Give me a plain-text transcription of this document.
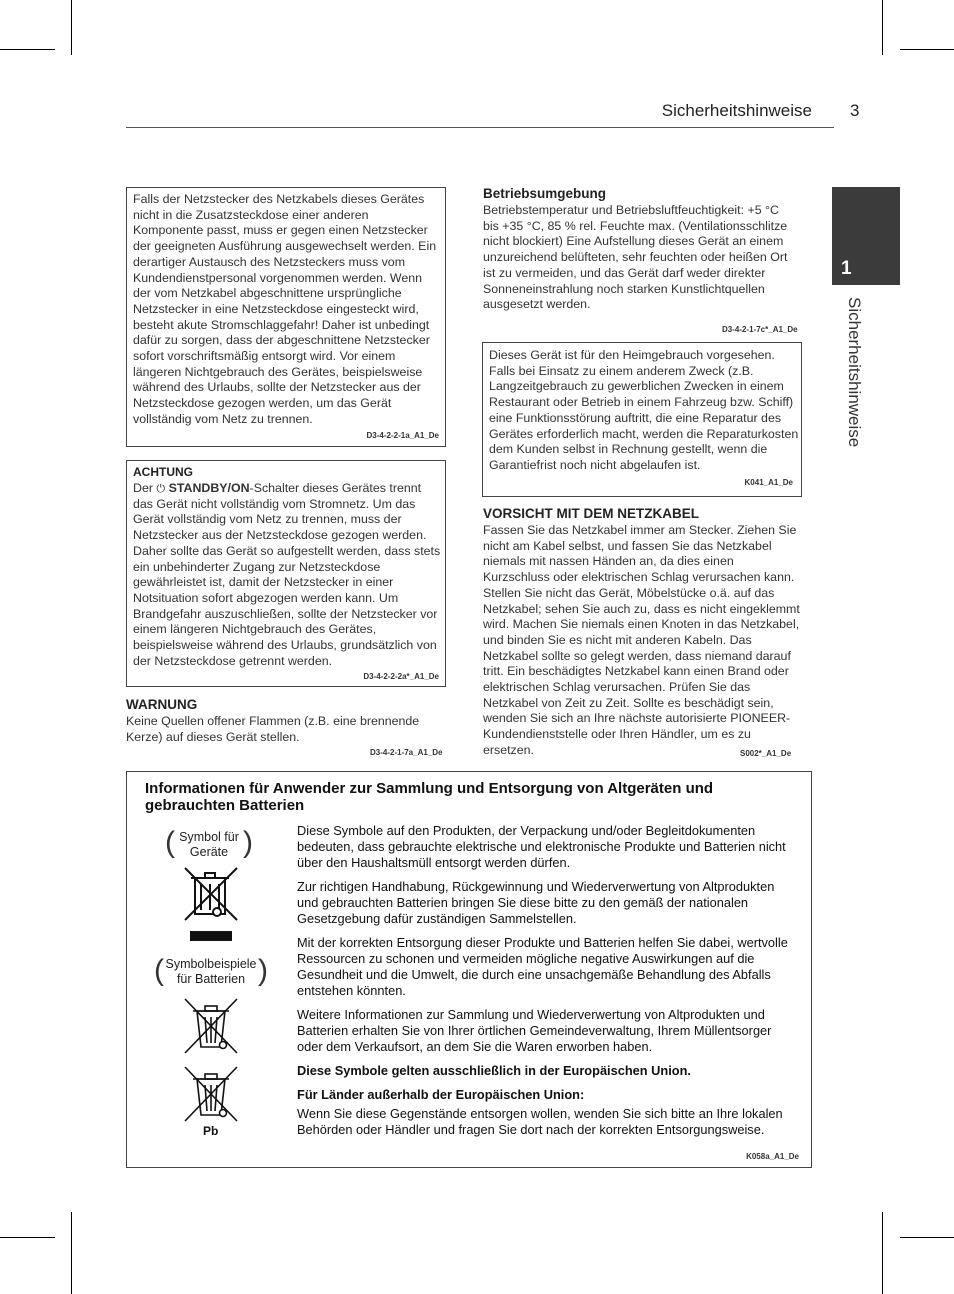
Sicherheitshinweise 3
1
Sicherheitshinweise
Falls der Netzstecker des Netzkabels dieses Gerätes nicht in die Zusatzsteckdose einer anderen Komponente passt, muss er gegen einen Netzstecker der geeigneten Ausführung ausgewechselt werden. Ein derartiger Austausch des Netzsteckers muss vom Kundendienstpersonal vorgenommen werden. Wenn der vom Netzkabel abgeschnittene ursprüngliche Netzstecker in eine Netzsteckdose eingesteckt wird, besteht akute Stromschlaggefahr! Daher ist unbedingt dafür zu sorgen, dass der abgeschnittene Netzstecker sofort vorschriftsmäßig entsorgt wird. Vor einem längeren Nichtgebrauch des Gerätes, beispielsweise während des Urlaubs, sollte der Netzstecker aus der Netzsteckdose gezogen werden, um das Gerät vollständig vom Netz zu trennen.
D3-4-2-2-1a_A1_De
ACHTUNG
Der ⏻ STANDBY/ON-Schalter dieses Gerätes trennt das Gerät nicht vollständig vom Stromnetz. Um das Gerät vollständig vom Netz zu trennen, muss der Netzstecker aus der Netzsteckdose gezogen werden. Daher sollte das Gerät so aufgestellt werden, dass stets ein unbehinderter Zugang zur Netzsteckdose gewährleistet ist, damit der Netzstecker in einer Notsituation sofort abgezogen werden kann. Um Brandgefahr auszuschließen, sollte der Netzstecker vor einem längeren Nichtgebrauch des Gerätes, beispielsweise während des Urlaubs, grundsätzlich von der Netzsteckdose getrennt werden.
D3-4-2-2-2a*_A1_De
WARNUNG
Keine Quellen offener Flammen (z.B. eine brennende Kerze) auf dieses Gerät stellen.
D3-4-2-1-7a_A1_De
Betriebsumgebung
Betriebstemperatur und Betriebsluftfeuchtigkeit: +5 °C bis +35 °C, 85 % rel. Feuchte max. (Ventilationsschlitze nicht blockiert) Eine Aufstellung dieses Gerät an einem unzureichend belüfteten, sehr feuchten oder heißen Ort ist zu vermeiden, und das Gerät darf weder direkter Sonneneinstrahlung noch starken Kunstlichtquellen ausgesetzt werden.
D3-4-2-1-7c*_A1_De
Dieses Gerät ist für den Heimgebrauch vorgesehen. Falls bei Einsatz zu einem anderem Zweck (z.B. Langzeitgebrauch zu gewerblichen Zwecken in einem Restaurant oder Betrieb in einem Fahrzeug bzw. Schiff) eine Funktionsstörung auftritt, die eine Reparatur des Gerätes erforderlich macht, werden die Reparaturkosten dem Kunden selbst in Rechnung gestellt, wenn die Garantiefrist noch nicht abgelaufen ist.
K041_A1_De
VORSICHT MIT DEM NETZKABEL
Fassen Sie das Netzkabel immer am Stecker. Ziehen Sie nicht am Kabel selbst, und fassen Sie das Netzkabel niemals mit nassen Händen an, da dies einen Kurzschluss oder elektrischen Schlag verursachen kann. Stellen Sie nicht das Gerät, Möbelstücke o.ä. auf das Netzkabel; sehen Sie auch zu, dass es nicht eingeklemmt wird. Machen Sie niemals einen Knoten in das Netzkabel, und binden Sie es nicht mit anderen Kabeln. Das Netzkabel sollte so gelegt werden, dass niemand darauf tritt. Ein beschädigtes Netzkabel kann einen Brand oder elektrischen Schlag verursachen. Prüfen Sie das Netzkabel von Zeit zu Zeit. Sollte es beschädigt sein, wenden Sie sich an Ihre nächste autorisierte PIONEER-Kundendienststelle oder Ihren Händler, um es zu ersetzen.	S002*_A1_De
Informationen für Anwender zur Sammlung und Entsorgung von Altgeräten und gebrauchten Batterien
( Symbol für Geräte )
( Symbolbeispiele für Batterien )
Pb

Diese Symbole auf den Produkten, der Verpackung und/oder Begleitdokumenten bedeuten, dass gebrauchte elektrische und elektronische Produkte und Batterien nicht über den Haushaltsmüll entsorgt werden dürfen.

Zur richtigen Handhabung, Rückgewinnung und Wiederverwertung von Altprodukten und gebrauchten Batterien bringen Sie diese bitte zu den gemäß der nationalen Gesetzgebung dafür zuständigen Sammelstellen.

Mit der korrekten Entsorgung dieser Produkte und Batterien helfen Sie dabei, wertvolle Ressourcen zu schonen und vermeiden mögliche negative Auswirkungen auf die Gesundheit und die Umwelt, die durch eine unsachgemäße Behandlung des Abfalls entstehen könnten.

Weitere Informationen zur Sammlung und Wiederverwertung von Altprodukten und Batterien erhalten Sie von Ihrer örtlichen Gemeindeverwaltung, Ihrem Müllentsorger oder dem Verkaufsort, an dem Sie die Waren erworben haben.

Diese Symbole gelten ausschließlich in der Europäischen Union.

Für Länder außerhalb der Europäischen Union:

Wenn Sie diese Gegenstände entsorgen wollen, wenden Sie sich bitte an Ihre lokalen Behörden oder Händler und fragen Sie dort nach der korrekten Entsorgungsweise.

K058a_A1_De
